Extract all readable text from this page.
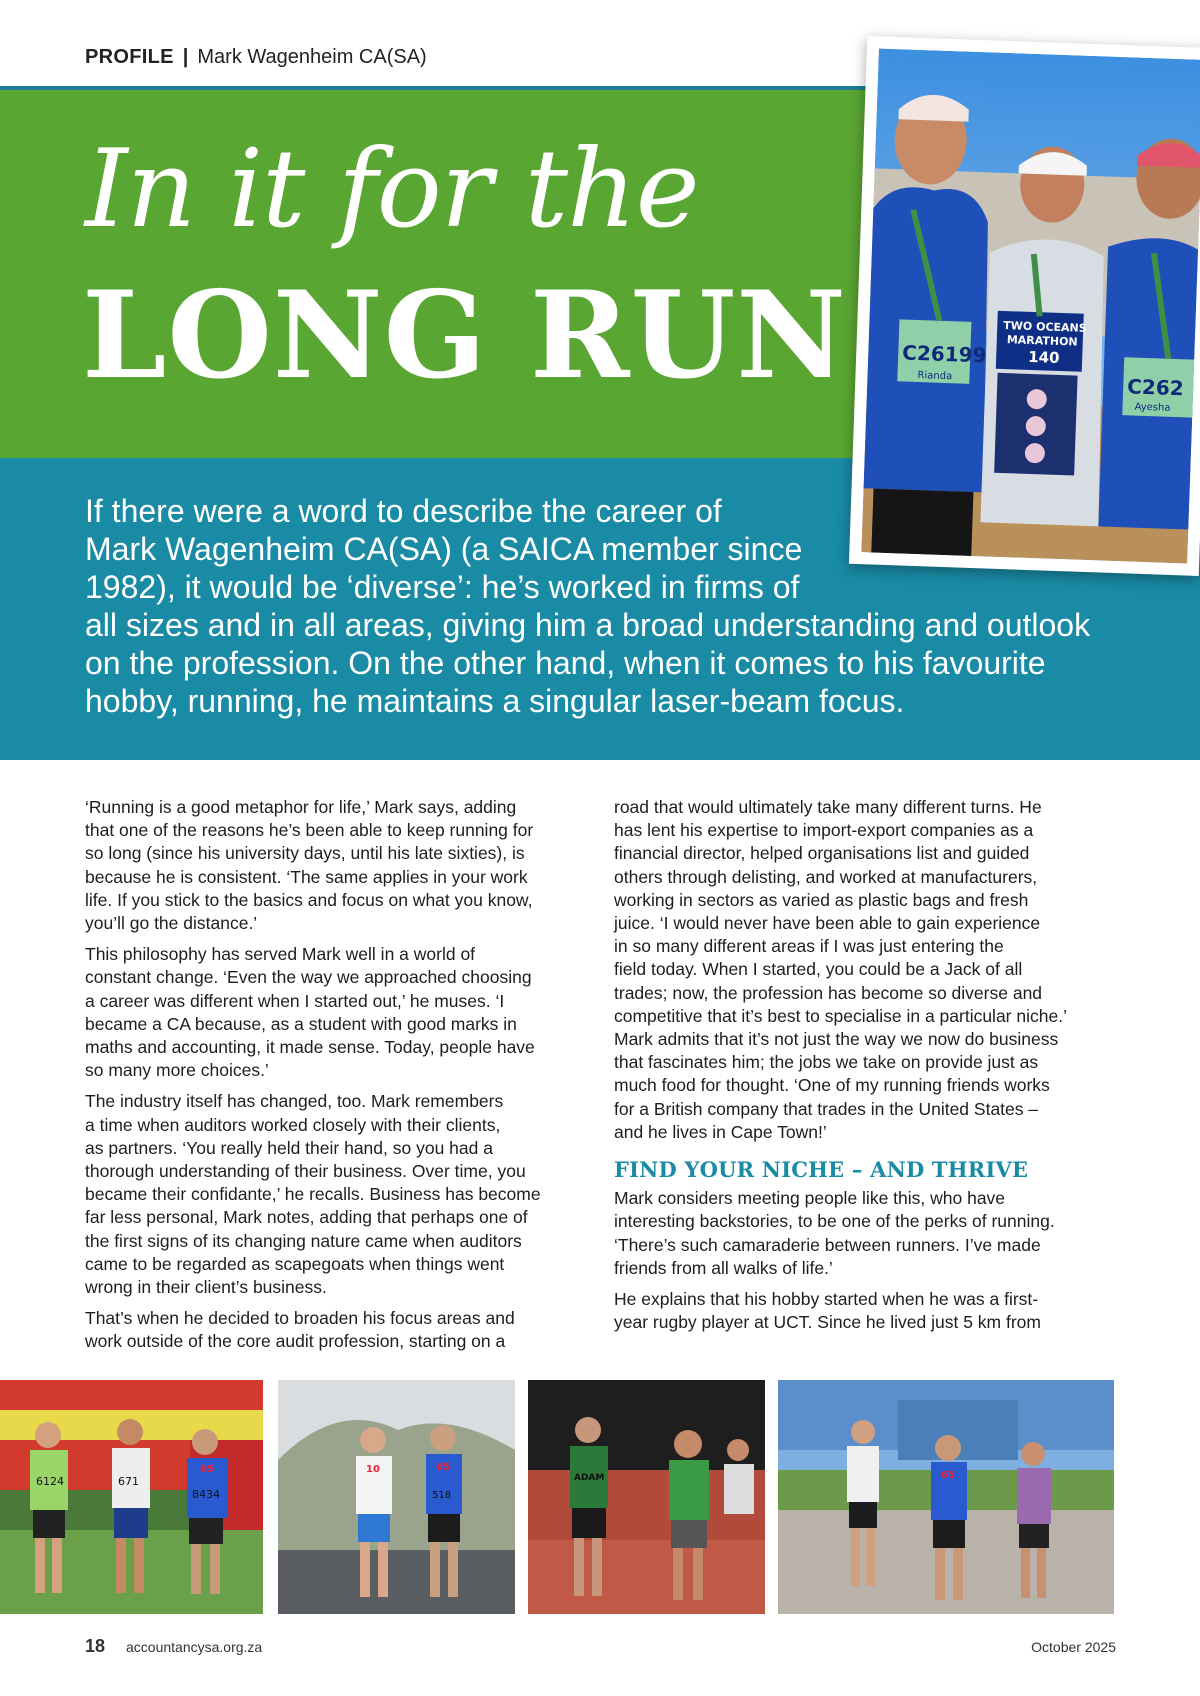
PROFILE | Mark Wagenheim CA(SA)
In it for the
LONG RUN
If there were a word to describe the career of
Mark Wagenheim CA(SA) (a SAICA member since
1982), it would be ‘diverse’: he’s worked in firms of
all sizes and in all areas, giving him a broad understanding and outlook
on the profession. On the other hand, when it comes to his favourite
hobby, running, he maintains a singular laser-beam focus.
C26199
Rianda
TWO OCEANS
MARATHON
140
C262
Ayesha

‘Running is a good metaphor for life,’ Mark says, adding
that one of the reasons he’s been able to keep running for
so long (since his university days, until his late sixties), is
because he is consistent. ‘The same applies in your work
life. If you stick to the basics and focus on what you know,
you’ll go the distance.’

This philosophy has served Mark well in a world of
constant change. ‘Even the way we approached choosing
a career was different when I started out,’ he muses. ‘I
became a CA because, as a student with good marks in
maths and accounting, it made sense. Today, people have
so many more choices.’

The industry itself has changed, too. Mark remembers
a time when auditors worked closely with their clients,
as partners. ‘You really held their hand, so you had a
thorough understanding of their business. Over time, you
became their confidante,’ he recalls. Business has become
far less personal, Mark notes, adding that perhaps one of
the first signs of its changing nature came when auditors
came to be regarded as scapegoats when things went
wrong in their client’s business.

That’s when he decided to broaden his focus areas and
work outside of the core audit profession, starting on a

road that would ultimately take many different turns. He
has lent his expertise to import-export companies as a
financial director, helped organisations list and guided
others through delisting, and worked at manufacturers,
working in sectors as varied as plastic bags and fresh
juice. ‘I would never have been able to gain experience
in so many different areas if I was just entering the
field today. When I started, you could be a Jack of all
trades; now, the profession has become so diverse and
competitive that it’s best to specialise in a particular niche.’
Mark admits that it’s not just the way we now do business
that fascinates him; the jobs we take on provide just as
much food for thought. ‘One of my running friends works
for a British company that trades in the United States –
and he lives in Cape Town!’

FIND YOUR NICHE – AND THRIVE

Mark considers meeting people like this, who have
interesting backstories, to be one of the perks of running.
‘There’s such camaraderie between runners. I’ve made
friends from all walks of life.’

He explains that his hobby started when he was a first-
year rugby player at UCT. Since he lived just 5 km from

6124	671
65
8434
10	65
518
ADAM	65
18 accountancysa.org.za	October 2025
